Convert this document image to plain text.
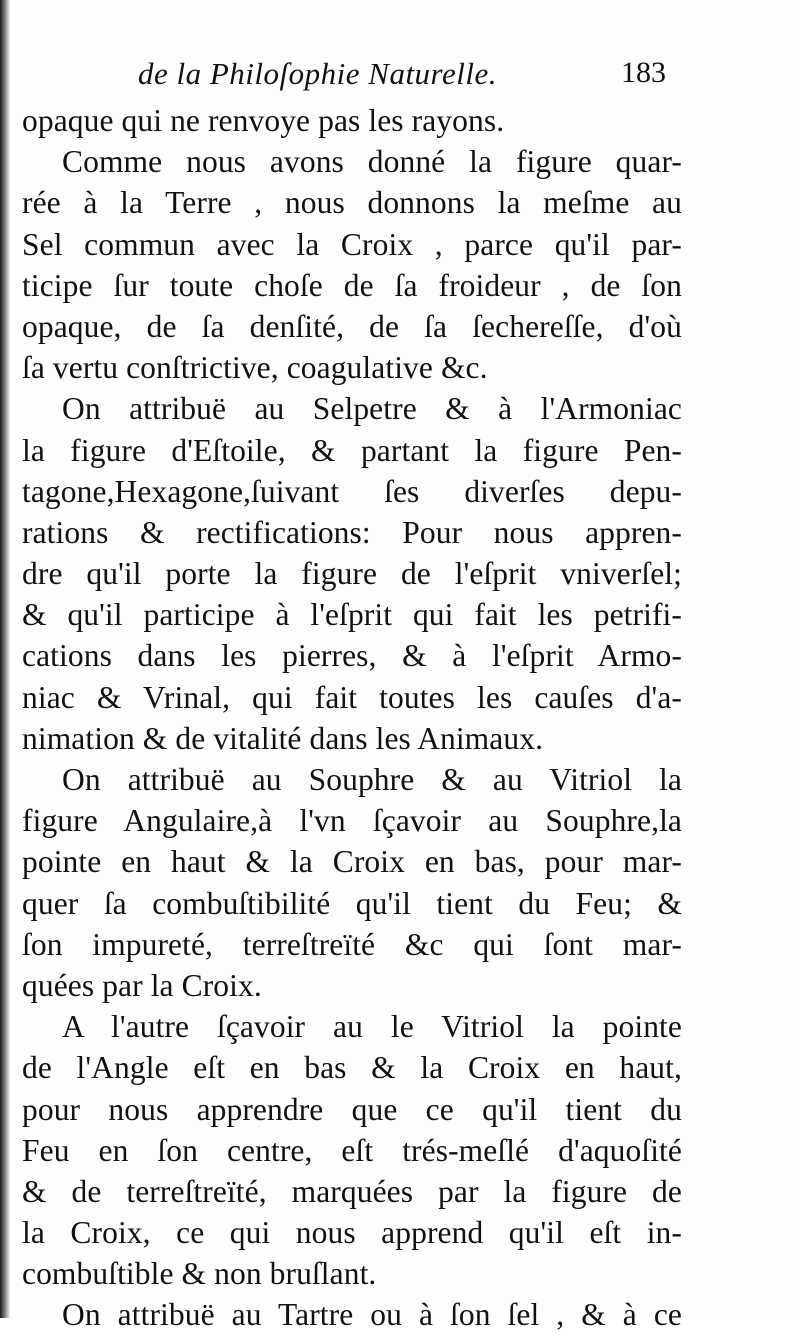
de la Philoſophie Naturelle.	183
opaque qui ne renvoye pas les rayons.
Comme nous avons donné la figure quar-
rée à la Terre , nous donnons la meſme au
Sel commun avec la Croix , parce qu'il par-
ticipe ſur toute choſe de ſa froideur , de ſon
opaque, de ſa denſité, de ſa ſechereſſe, d'où
ſa vertu conſtrictive, coagulative &c.
On attribuë au Selpetre & à l'Armoniac
la figure d'Eſtoile, & partant la figure Pen-
tagone,Hexagone,ſuivant ſes diverſes depu-
rations & rectifications: Pour nous appren-
dre qu'il porte la figure de l'eſprit vniverſel;
& qu'il participe à l'eſprit qui fait les petrifi-
cations dans les pierres, & à l'eſprit Armo-
niac & Vrinal, qui fait toutes les cauſes d'a-
nimation & de vitalité dans les Animaux.
On attribuë au Souphre & au Vitriol la
figure Angulaire,à l'vn ſçavoir au Souphre,la
pointe en haut & la Croix en bas, pour mar-
quer ſa combuſtibilité qu'il tient du Feu; &
ſon impureté, terreſtreïté &c qui ſont mar-
quées par la Croix.
A l'autre ſçavoir au le Vitriol la pointe
de l'Angle eſt en bas & la Croix en haut,
pour nous apprendre que ce qu'il tient du
Feu en ſon centre, eſt trés-meſlé d'aquoſité
& de terreſtreïté, marquées par la figure de
la Croix, ce qui nous apprend qu'il eſt in-
combuſtible & non bruſlant.
On attribuë au Tartre ou à ſon ſel , & à ce
